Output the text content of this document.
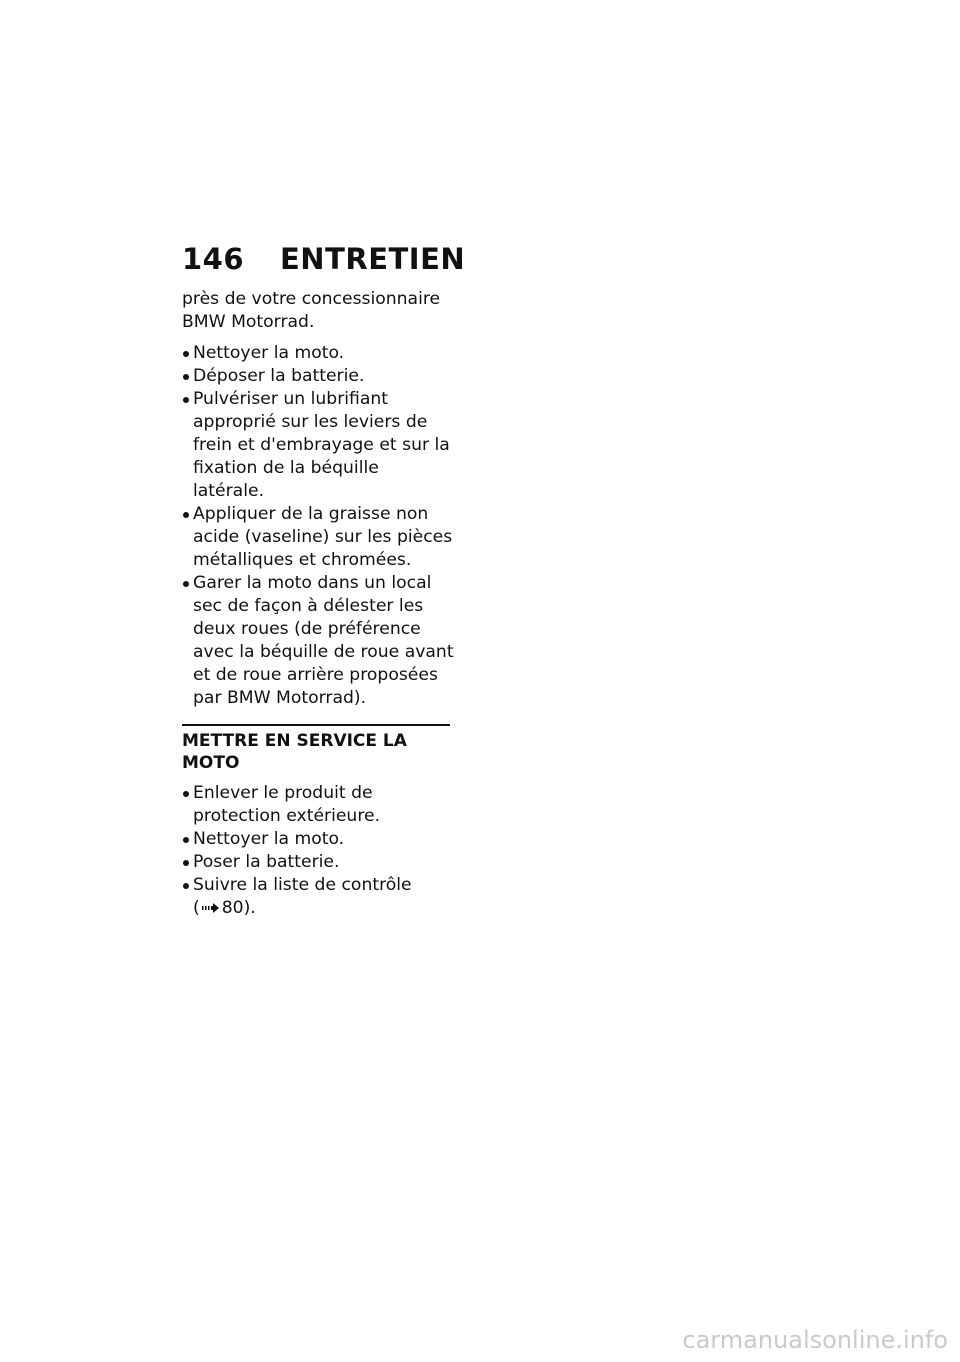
146 ENTRETIEN

près de votre concessionnaire BMW Motorrad.

Nettoyer la moto.
Déposer la batterie.
Pulvériser un lubrifiant approprié sur les leviers de frein et d'embrayage et sur la fixation de la béquille latérale.
Appliquer de la graisse non acide (vaseline) sur les pièces métalliques et chromées.
Garer la moto dans un local sec de façon à délester les deux roues (de préférence avec la béquille de roue avant et de roue arrière proposées par BMW Motorrad).
METTRE EN SERVICE LA MOTO
Enlever le produit de protection extérieure.
Nettoyer la moto.
Poser la batterie.
Suivre la liste de contrôle
( 80).
carmanualsonline.info
